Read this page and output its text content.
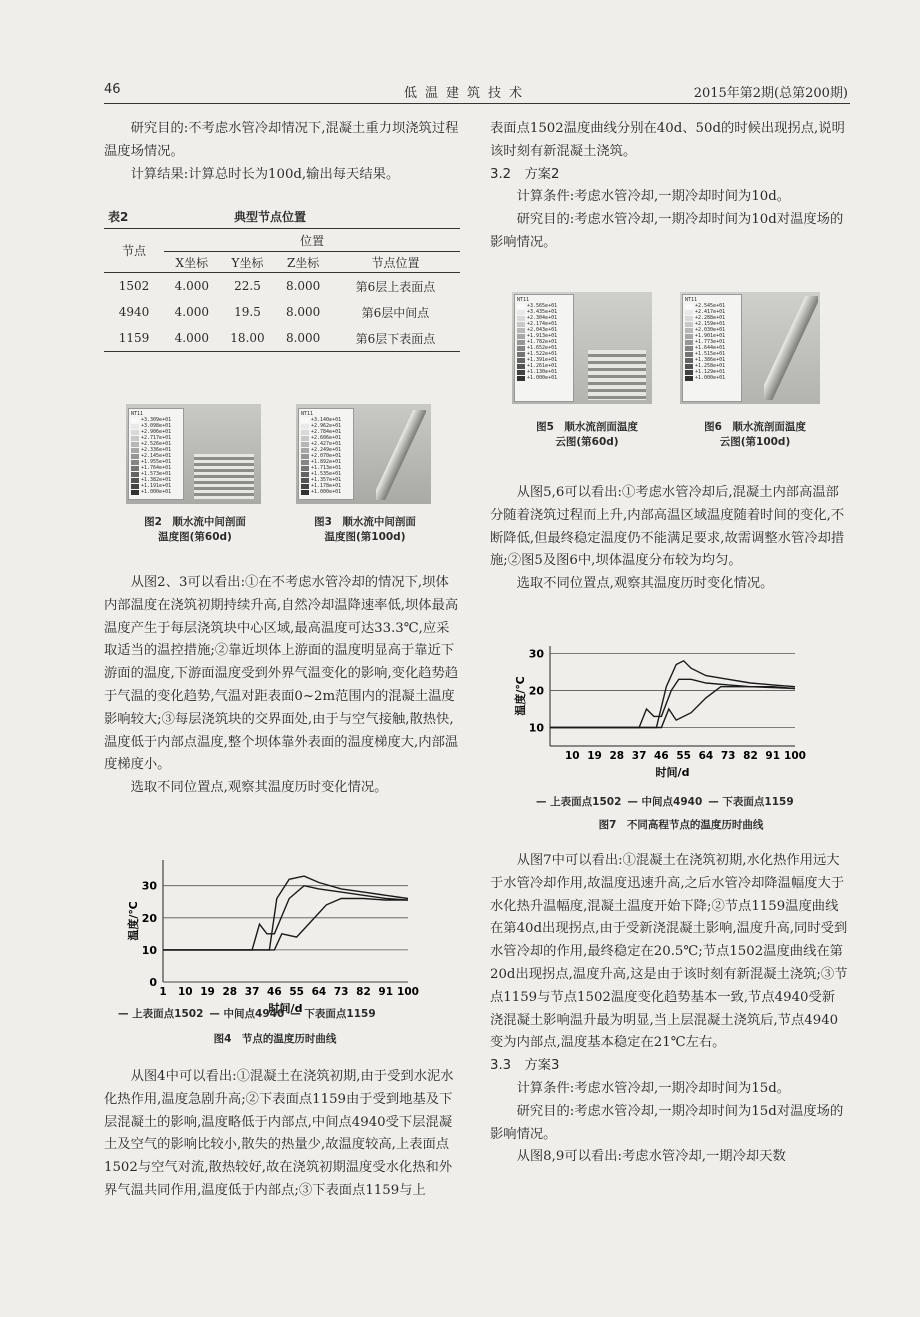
46	低温建筑技术	2015年第2期(总第200期)

研究目的:不考虑水管冷却情况下,混凝土重力坝浇筑过程温度场情况。

计算结果:计算总时长为100d,输出每天结果。

表2	典型节点位置
节点	位置			
	X坐标	Y坐标	Z坐标	节点位置
1502	4.000	22.5	8.000	第6层上表面点
4940	4.000	19.5	8.000	第6层中间点
1159	4.000	18.00	8.000	第6层下表面点
NT11
+3.309e+01
+3.098e+01
+2.906e+01
+2.717e+01
+2.526e+01
+2.336e+01
+2.145e+01
+1.955e+01
+1.764e+01
+1.573e+01
+1.382e+01
+1.191e+01
+1.000e+01
图2　顺水流中间剖面
温度图(第60d)
NT11
+3.140e+01
+2.962e+01
+2.784e+01
+2.606e+01
+2.427e+01
+2.249e+01
+2.070e+01
+1.892e+01
+1.713e+01
+1.535e+01
+1.357e+01
+1.178e+01
+1.000e+01
图3　顺水流中间剖面
温度图(第100d)

从图2、3可以看出:①在不考虑水管冷却的情况下,坝体内部温度在浇筑初期持续升高,自然冷却温降速率低,坝体最高温度产生于每层浇筑块中心区域,最高温度可达33.3℃,应采取适当的温控措施;②靠近坝体上游面的温度明显高于靠近下游面的温度,下游面温度受到外界气温变化的影响,变化趋势趋于气温的变化趋势,气温对距表面0~2m范围内的混凝土温度影响较大;③每层浇筑块的交界面处,由于与空气接触,散热快,温度低于内部点温度,整个坝体靠外表面的温度梯度大,内部温度梯度小。

选取不同位置点,观察其温度历时变化情况。

0
10
20
30
1 10 19 28 37 46 55 64 73 82 91 100
时间/d
温度/℃
— 上表面点1502 — 中间点4940 — 下表面点1159
图4　节点的温度历时曲线

从图4中可以看出:①混凝土在浇筑初期,由于受到水泥水化热作用,温度急剧升高;②下表面点1159由于受到地基及下层混凝土的影响,温度略低于内部点,中间点4940受下层混凝土及空气的影响比较小,散失的热量少,故温度较高,上表面点1502与空气对流,散热较好,故在浇筑初期温度受水化热和外界气温共同作用,温度低于内部点;③下表面点1159与上

表面点1502温度曲线分别在40d、50d的时候出现拐点,说明该时刻有新混凝土浇筑。

3.2　方案2

计算条件:考虑水管冷却,一期冷却时间为10d。

研究目的:考虑水管冷却,一期冷却时间为10d对温度场的影响情况。

NT11
+3.565e+01
+3.435e+01
+2.304e+01
+2.174e+01
+2.043e+01
+1.913e+01
+1.782e+01
+1.652e+01
+1.522e+01
+1.391e+01
+1.261e+01
+1.130e+01
+1.000e+01
图5　顺水流剖面温度
云图(第60d)
NT11
+2.545e+01
+2.417e+01
+2.288e+01
+2.159e+01
+2.030e+01
+1.901e+01
+1.773e+01
+1.644e+01
+1.515e+01
+1.386e+01
+1.258e+01
+1.129e+01
+1.000e+01
图6　顺水流剖面温度
云图(第100d)

从图5,6可以看出:①考虑水管冷却后,混凝土内部高温部分随着浇筑过程而上升,内部高温区域温度随着时间的变化,不断降低,但最终稳定温度仍不能满足要求,故需调整水管冷却措施;②图5及图6中,坝体温度分布较为均匀。

选取不同位置点,观察其温度历时变化情况。

10
20
30
10 19 28 37 46 55 64 73 82 91 100
时间/d
温度/℃
— 上表面点1502 — 中间点4940 — 下表面点1159
图7　不同高程节点的温度历时曲线

从图7中可以看出:①混凝土在浇筑初期,水化热作用远大于水管冷却作用,故温度迅速升高,之后水管冷却降温幅度大于水化热升温幅度,混凝土温度开始下降;②节点1159温度曲线在第40d出现拐点,由于受新浇混凝土影响,温度升高,同时受到水管冷却的作用,最终稳定在20.5℃;节点1502温度曲线在第20d出现拐点,温度升高,这是由于该时刻有新混凝土浇筑;③节点1159与节点1502温度变化趋势基本一致,节点4940受新浇混凝土影响温升最为明显,当上层混凝土浇筑后,节点4940变为内部点,温度基本稳定在21℃左右。

3.3　方案3

计算条件:考虑水管冷却,一期冷却时间为15d。

研究目的:考虑水管冷却,一期冷却时间为15d对温度场的影响情况。

从图8,9可以看出:考虑水管冷却,一期冷却天数
